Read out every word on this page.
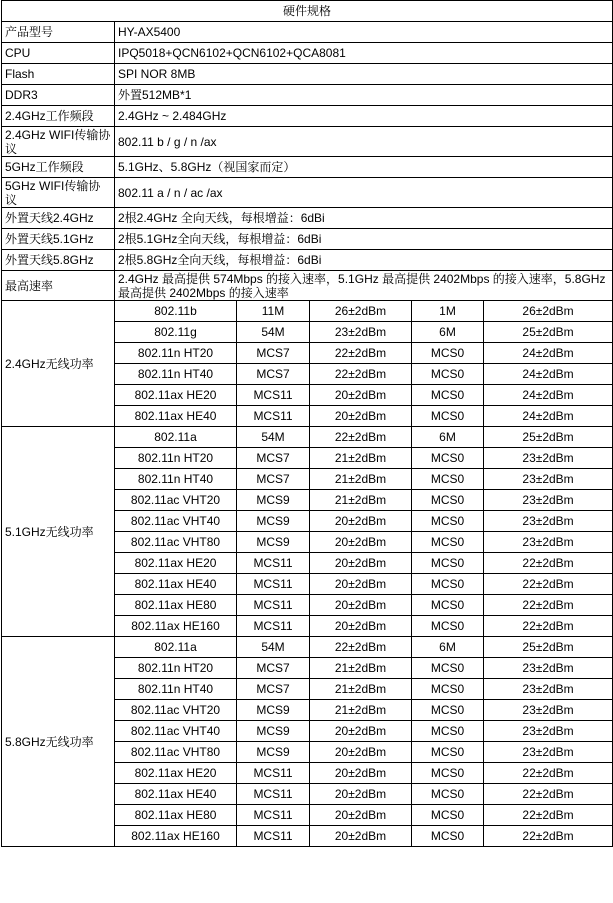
硬件规格					
产品型号	HY-AX5400				
CPU	IPQ5018+QCN6102+QCN6102+QCA8081				
Flash	SPI NOR 8MB				
DDR3	外置512MB*1				
2.4GHz工作频段	2.4GHz ~ 2.484GHz				
2.4GHz WIFI传输协议	802.11 b / g / n /ax				
5GHz工作频段	5.1GHz、5.8GHz（视国家而定）				
5GHz WIFI传输协议	802.11 a / n / ac /ax				
外置天线2.4GHz	2根2.4GHz 全向天线，每根增益：6dBi				
外置天线5.1GHz	2根5.1GHz全向天线，每根增益：6dBi				
外置天线5.8GHz	2根5.8GHz全向天线，每根增益：6dBi				
最高速率	2.4GHz 最高提供 574Mbps 的接入速率，5.1GHz 最高提供 2402Mbps 的接入速率，5.8GHz最高提供 2402Mbps 的接入速率				
2.4GHz无线功率	802.11b	11M	26±2dBm	1M	26±2dBm
	802.11g	54M	23±2dBm	6M	25±2dBm
	802.11n HT20	MCS7	22±2dBm	MCS0	24±2dBm
	802.11n HT40	MCS7	22±2dBm	MCS0	24±2dBm
	802.11ax HE20	MCS11	20±2dBm	MCS0	24±2dBm
	802.11ax HE40	MCS11	20±2dBm	MCS0	24±2dBm
5.1GHz无线功率	802.11a	54M	22±2dBm	6M	25±2dBm
	802.11n HT20	MCS7	21±2dBm	MCS0	23±2dBm
	802.11n HT40	MCS7	21±2dBm	MCS0	23±2dBm
	802.11ac VHT20	MCS9	21±2dBm	MCS0	23±2dBm
	802.11ac VHT40	MCS9	20±2dBm	MCS0	23±2dBm
	802.11ac VHT80	MCS9	20±2dBm	MCS0	23±2dBm
	802.11ax HE20	MCS11	20±2dBm	MCS0	22±2dBm
	802.11ax HE40	MCS11	20±2dBm	MCS0	22±2dBm
	802.11ax HE80	MCS11	20±2dBm	MCS0	22±2dBm
	802.11ax HE160	MCS11	20±2dBm	MCS0	22±2dBm
5.8GHz无线功率	802.11a	54M	22±2dBm	6M	25±2dBm
	802.11n HT20	MCS7	21±2dBm	MCS0	23±2dBm
	802.11n HT40	MCS7	21±2dBm	MCS0	23±2dBm
	802.11ac VHT20	MCS9	21±2dBm	MCS0	23±2dBm
	802.11ac VHT40	MCS9	20±2dBm	MCS0	23±2dBm
	802.11ac VHT80	MCS9	20±2dBm	MCS0	23±2dBm
	802.11ax HE20	MCS11	20±2dBm	MCS0	22±2dBm
	802.11ax HE40	MCS11	20±2dBm	MCS0	22±2dBm
	802.11ax HE80	MCS11	20±2dBm	MCS0	22±2dBm
	802.11ax HE160	MCS11	20±2dBm	MCS0	22±2dBm
